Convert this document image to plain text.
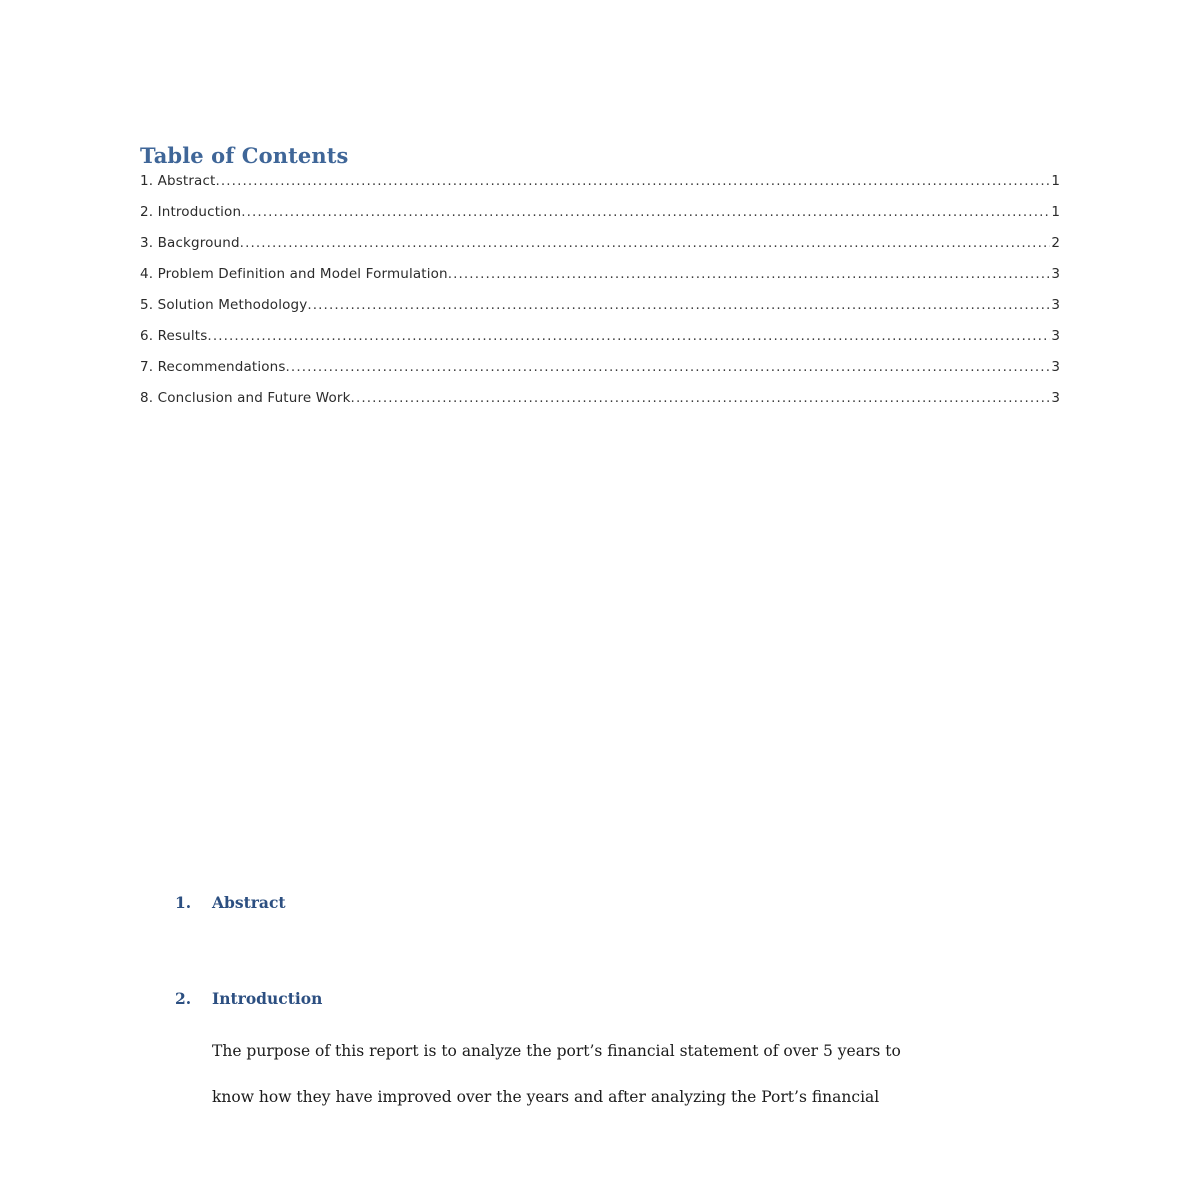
Table of Contents
1. Abstract .....	1
2. Introduction .....	1
3. Background .....	2
4. Problem Definition and Model Formulation .....	3
5. Solution Methodology .....	3
6. Results .....	3
7. Recommendations .....	3
8. Conclusion and Future Work .....	3
1.	Abstract
2.	Introduction
The purpose of this report is to analyze the port’s financial statement of over 5 years to
know how they have improved over the years and after analyzing the Port’s financial
